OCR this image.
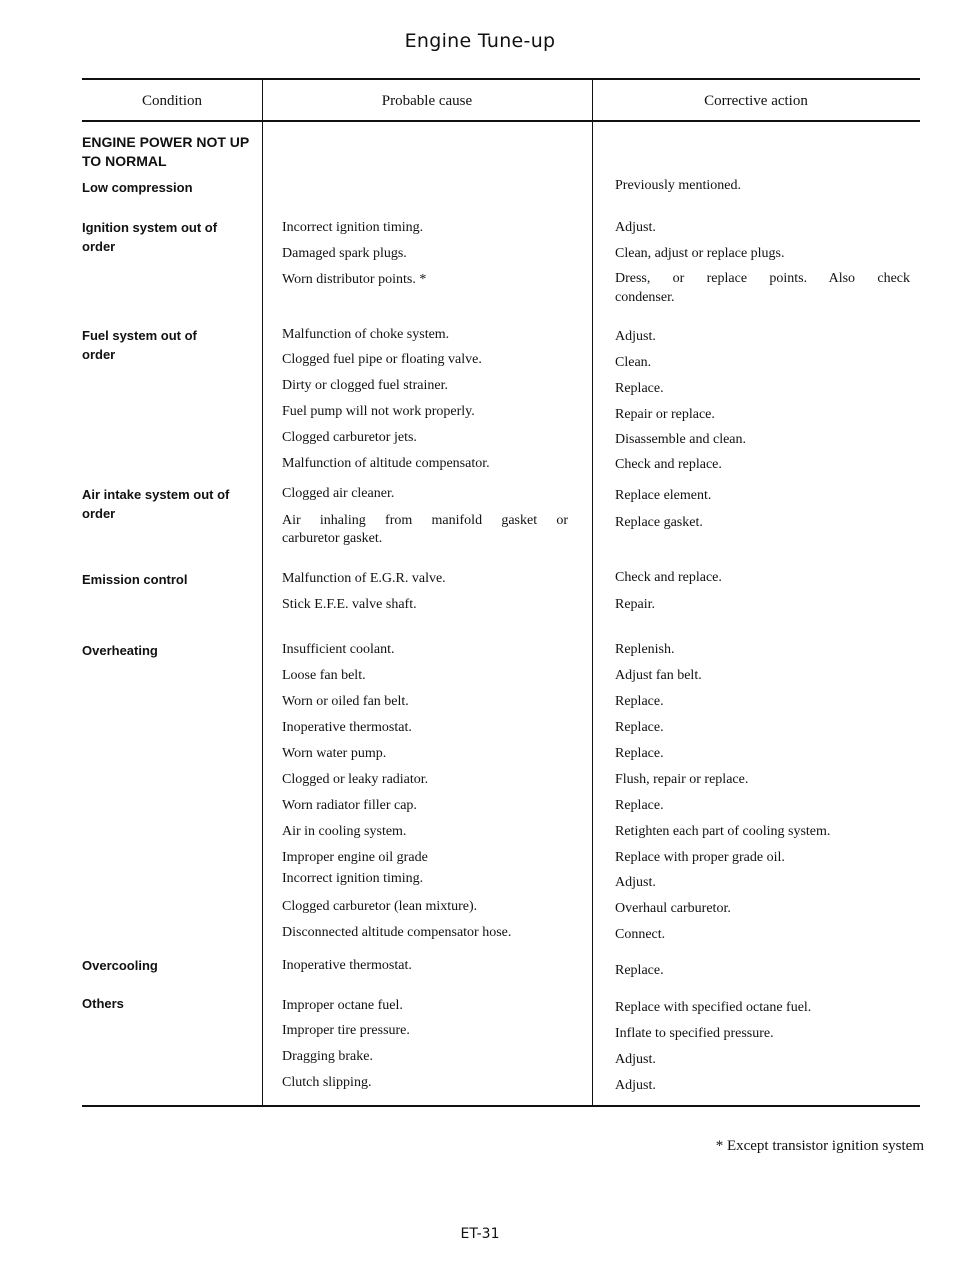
Engine Tune-up
Condition	Probable cause	Corrective action
ENGINE POWER NOT UP TO NORMAL
Low compression
Ignition system out of order
Fuel system out of order
Air intake system out of order
Emission control
Overheating
Overcooling
Others
Incorrect ignition timing.
Damaged spark plugs.
Worn distributor points. *
Malfunction of choke system.
Clogged fuel pipe or floating valve.
Dirty or clogged fuel strainer.
Fuel pump will not work properly.
Clogged carburetor jets.
Malfunction of altitude compensator.
Clogged air cleaner.
Air inhaling from manifold gasket or
carburetor gasket.
Malfunction of E.G.R. valve.
Stick E.F.E. valve shaft.
Insufficient coolant.
Loose fan belt.
Worn or oiled fan belt.
Inoperative thermostat.
Worn water pump.
Clogged or leaky radiator.
Worn radiator filler cap.
Air in cooling system.
Improper engine oil grade
Incorrect ignition timing.
Clogged carburetor (lean mixture).
Disconnected altitude compensator hose.
Inoperative thermostat.
Improper octane fuel.
Improper tire pressure.
Dragging brake.
Clutch slipping.
Previously mentioned.
Adjust.
Clean, adjust or replace plugs.
Dress, or replace points. Also check
condenser.
Adjust.
Clean.
Replace.
Repair or replace.
Disassemble and clean.
Check and replace.
Replace element.
Replace gasket.
Check and replace.
Repair.
Replenish.
Adjust fan belt.
Replace.
Replace.
Replace.
Flush, repair or replace.
Replace.
Retighten each part of cooling system.
Replace with proper grade oil.
Adjust.
Overhaul carburetor.
Connect.
Replace.
Replace with specified octane fuel.
Inflate to specified pressure.
Adjust.
Adjust.
* Except transistor ignition system
ET-31
